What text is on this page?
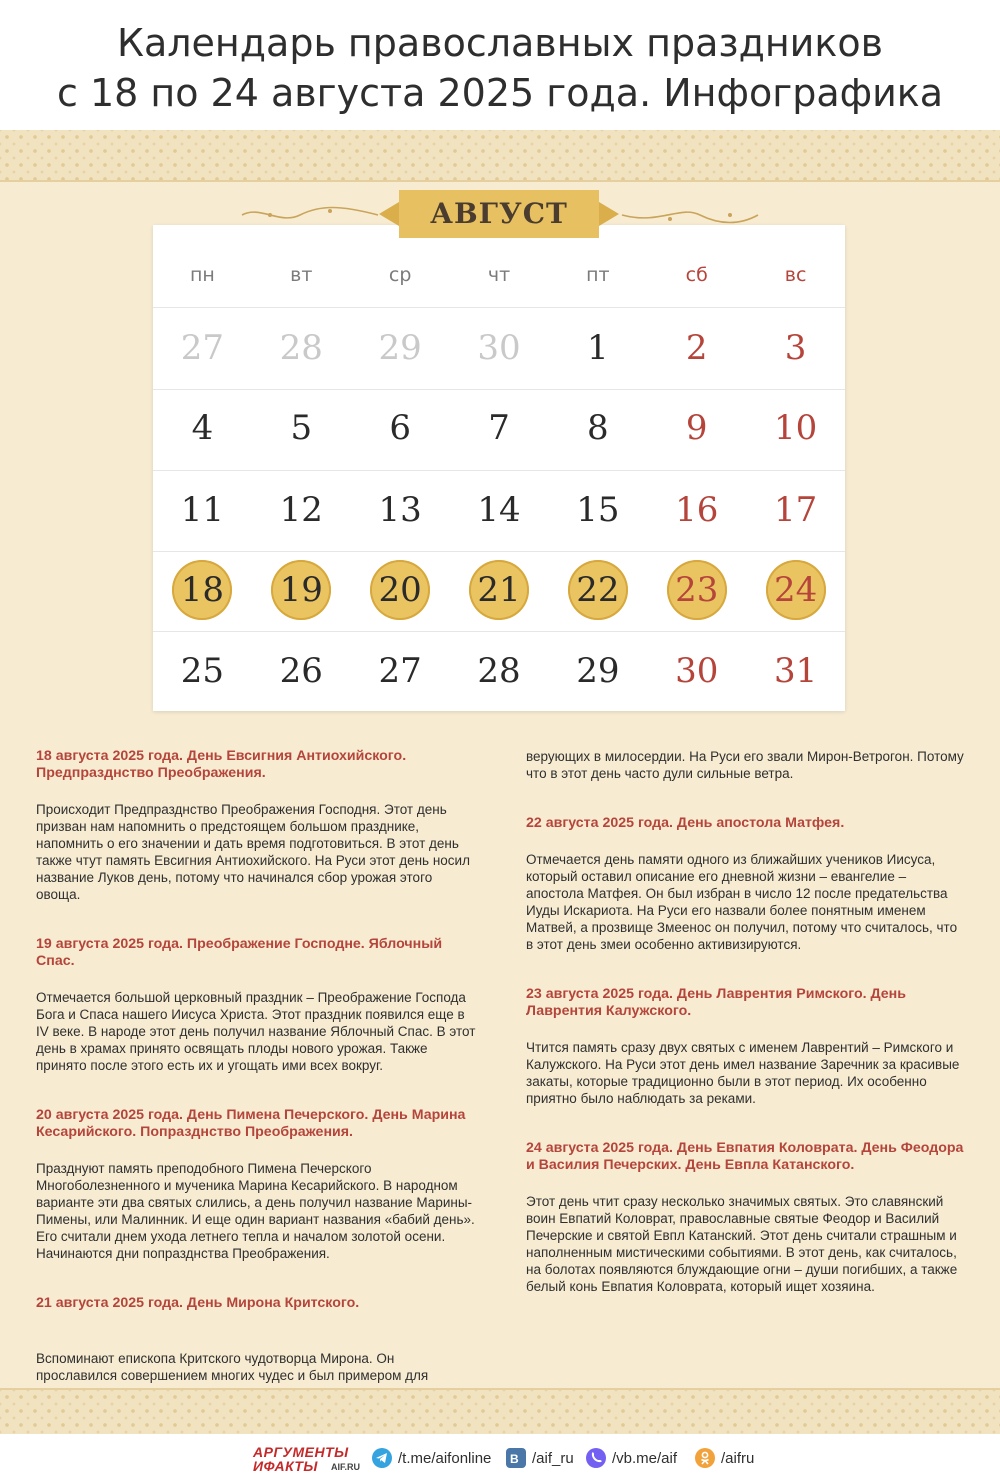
Календарь православных праздников
с 18 по 24 августа 2025 года. Инфографика
пн	вт	ср	чт	пт	сб	вс
27	28	29	30	1	2	3
4	5	6	7	8	9	10
11	12	13	14	15	16	17
18	19	20	21	22	23	24
25	26	27	28	29	30	31
АВГУСТ

18 августа 2025 года. День Евсигния Антиохийского. Предпразднство Преображения.

Происходит Предпразднство Преображения Господня. Этот день призван нам напомнить о предстоящем большом празднике, напомнить о его значении и дать время подготовиться. В этот день также чтут память Евсигния Антиохийского. На Руси этот день носил название Луков день, потому что начинался сбор урожая этого овоща.

19 августа 2025 года. Преображение Господне. Яблочный Спас.

Отмечается большой церковный праздник – Преображение Господа Бога и Спаса нашего Иисуса Христа. Этот праздник появился еще в IV веке. В народе этот день получил название Яблочный Спас. В этот день в храмах принято освящать плоды нового урожая. Также принято после этого есть их и угощать ими всех вокруг.

20 августа 2025 года. День Пимена Печерского. День Марина Кесарийского. Попразднство Преображения.

Празднуют память преподобного Пимена Печерского Многоболезненного и мученика Марина Кесарийского. В народном варианте эти два святых слились, а день получил название Марины-Пимены, или Малинник. И еще один вариант названия «бабий день». Его считали днем ухода летнего тепла и началом золотой осени. Начинаются дни попразднства Преображения.

21 августа 2025 года. День Мирона Критского.

Вспоминают епископа Критского чудотворца Мирона. Он прославился совершением многих чудес и был примером для

верующих в милосердии. На Руси его звали Мирон-Ветрогон. Потому что в этот день часто дули сильные ветра.

22 августа 2025 года. День апостола Матфея.

Отмечается день памяти одного из ближайших учеников Иисуса, который оставил описание его дневной жизни – евангелие – апостола Матфея. Он был избран в число 12 после предательства Иуды Искариота. На Руси его назвали более понятным именем Матвей, а прозвище Змееноc он получил, потому что считалось, что в этот день змеи особенно активизируются.

23 августа 2025 года. День Лаврентия Римского. День Лаврентия Калужского.

Чтится память сразу двух святых с именем Лаврентий – Римского и Калужского. На Руси этот день имел название Заречник за красивые закаты, которые традиционно были в этот период. Их особенно приятно было наблюдать за реками.

24 августа 2025 года. День Евпатия Коловрата. День Феодора и Василия Печерских. День Евпла Катанского.

Этот день чтит сразу несколько значимых святых. Это славянский воин Евпатий Коловрат, православные святые Феодор и Василий Печерские и святой Евпл Катанский. Этот день считали страшным и наполненным мистическими событиями. В этот день, как считалось, на болотах появляются блуждающие огни – души погибших, а также белый конь Евпатия Коловрата, который ищет хозяина.

АРГУМЕНТЫ
ИФАКТЫ AIF.RU
/t.me/aifonline B /aif_ru	/vb.me/aif	/aifru
